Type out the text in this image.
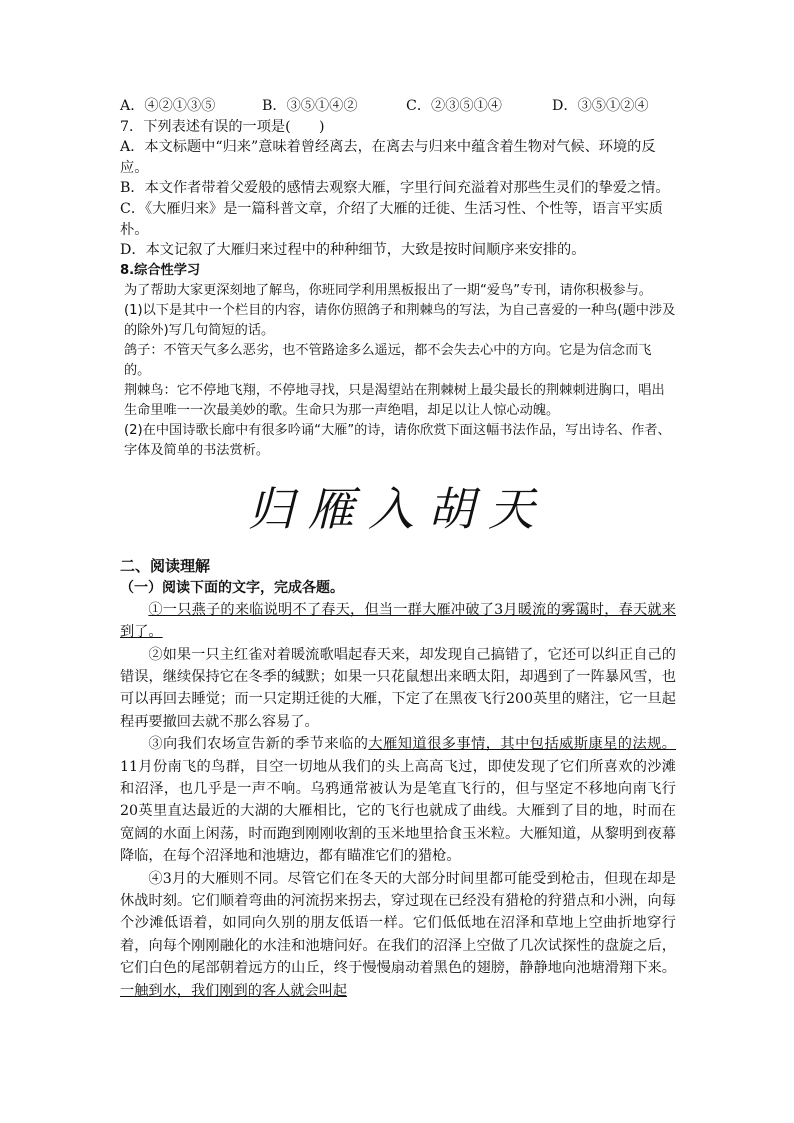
A．④②①③⑤	B．③⑤①④②	C．②③⑤①④	D．③⑤①②④
7．下列表述有误的一项是(　　)
A．本文标题中“归来”意味着曾经离去，在离去与归来中蕴含着生物对气候、环境的反应。
B．本文作者带着父爱般的感情去观察大雁，字里行间充溢着对那些生灵们的挚爱之情。
C．《大雁归来》是一篇科普文章，介绍了大雁的迁徙、生活习性、个性等，语言平实质朴。
D．本文记叙了大雁归来过程中的种种细节，大致是按时间顺序来安排的。
8.综合性学习
为了帮助大家更深刻地了解鸟，你班同学利用黑板报出了一期“爱鸟”专刊，请你积极参与。
(1)以下是其中一个栏目的内容，请你仿照鸽子和荆棘鸟的写法，为自己喜爱的一种鸟(题中涉及的除外)写几句简短的话。
鸽子：不管天气多么恶劣，也不管路途多么遥远，都不会失去心中的方向。它是为信念而飞的。
荆棘鸟：它不停地飞翔，不停地寻找，只是渴望站在荆棘树上最尖最长的荆棘刺进胸口，唱出生命里唯一一次最美妙的歌。生命只为那一声绝唱，却足以让人惊心动魄。
(2)在中国诗歌长廊中有很多吟诵“大雁”的诗，请你欣赏下面这幅书法作品，写出诗名、作者、字体及简单的书法赏析。
归雁入胡天
二、阅读理解
（一）阅读下面的文字，完成各题。
①一只燕子的来临说明不了春天，但当一群大雁冲破了3月暖流的雾霭时，春天就来到了。
②如果一只主红雀对着暖流歌唱起春天来，却发现自己搞错了，它还可以纠正自己的错误，继续保持它在冬季的缄默；如果一只花鼠想出来晒太阳，却遇到了一阵暴风雪，也可以再回去睡觉；而一只定期迁徙的大雁，下定了在黑夜飞行200英里的赌注，它一旦起程再要撤回去就不那么容易了。
③向我们农场宣告新的季节来临的大雁知道很多事情，其中包括威斯康星的法规。11月份南飞的鸟群，目空一切地从我们的头上高高飞过，即使发现了它们所喜欢的沙滩和沼泽，也几乎是一声不响。乌鸦通常被认为是笔直飞行的，但与坚定不移地向南飞行20英里直达最近的大湖的大雁相比，它的飞行也就成了曲线。大雁到了目的地，时而在宽阔的水面上闲荡，时而跑到刚刚收割的玉米地里拾食玉米粒。大雁知道，从黎明到夜幕降临，在每个沼泽地和池塘边，都有瞄准它们的猎枪。
④3月的大雁则不同。尽管它们在冬天的大部分时间里都可能受到枪击，但现在却是休战时刻。它们顺着弯曲的河流拐来拐去，穿过现在已经没有猎枪的狩猎点和小洲，向每个沙滩低语着，如同向久别的朋友低语一样。它们低低地在沼泽和草地上空曲折地穿行着，向每个刚刚融化的水洼和池塘问好。在我们的沼泽上空做了几次试探性的盘旋之后，它们白色的尾部朝着远方的山丘，终于慢慢扇动着黑色的翅膀，静静地向池塘滑翔下来。一触到水，我们刚到的客人就会叫起
